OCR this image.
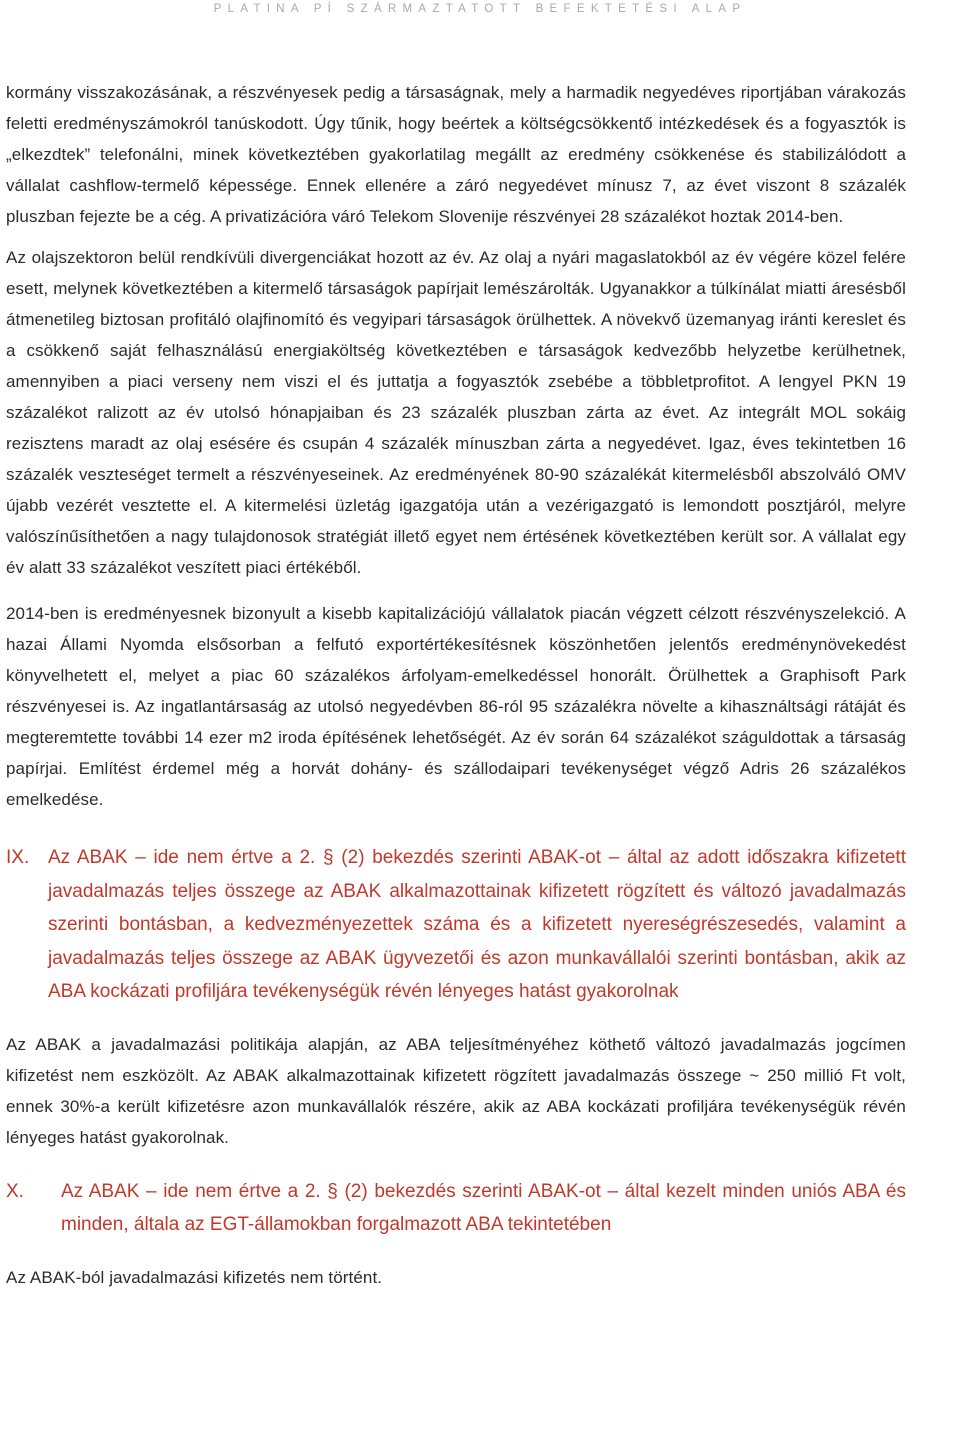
PLATINA PÍ SZÁRMAZTATOTT BEFEKTETÉSI ALAP

kormány visszakozásának, a részvényesek pedig a társaságnak, mely a harmadik negyedéves riportjában várakozás feletti eredményszámokról tanúskodott. Úgy tűnik, hogy beértek a költségcsökkentő intézkedések és a fogyasztók is „elkezdtek” telefonálni, minek következtében gyakorlatilag megállt az eredmény csökkenése és stabilizálódott a vállalat cashflow-termelő képessége. Ennek ellenére a záró negyedévet mínusz 7, az évet viszont 8 százalék pluszban fejezte be a cég. A privatizációra váró Telekom Slovenije részvényei 28 százalékot hoztak 2014-ben.

Az olajszektoron belül rendkívüli divergenciákat hozott az év. Az olaj a nyári magaslatokból az év végére közel felére esett, melynek következtében a kitermelő társaságok papírjait lemészárolták. Ugyanakkor a túlkínálat miatti áresésből átmenetileg biztosan profitáló olajfinomító és vegyipari társaságok örülhettek. A növekvő üzemanyag iránti kereslet és a csökkenő saját felhasználású energiaköltség következtében e társaságok kedvezőbb helyzetbe kerülhetnek, amennyiben a piaci verseny nem viszi el és juttatja a fogyasztók zsebébe a többletprofitot. A lengyel PKN 19 százalékot ralizott az év utolsó hónapjaiban és 23 százalék pluszban zárta az évet. Az integrált MOL sokáig rezisztens maradt az olaj esésére és csupán 4 százalék mínuszban zárta a negyedévet. Igaz, éves tekintetben 16 százalék veszteséget termelt a részvényeseinek. Az eredményének 80-90 százalékát kitermelésből abszolváló OMV újabb vezérét vesztette el. A kitermelési üzletág igazgatója után a vezérigazgató is lemondott posztjáról, melyre valószínűsíthetően a nagy tulajdonosok stratégiát illető egyet nem értésének következtében került sor. A vállalat egy év alatt 33 százalékot veszített piaci értékéből.

2014-ben is eredményesnek bizonyult a kisebb kapitalizációjú vállalatok piacán végzett célzott részvényszelekció. A hazai Állami Nyomda elsősorban a felfutó exportértékesítésnek köszönhetően jelentős eredménynövekedést könyvelhetett el, melyet a piac 60 százalékos árfolyam-emelkedéssel honorált. Örülhettek a Graphisoft Park részvényesei is. Az ingatlantársaság az utolsó negyedévben 86-ról 95 százalékra növelte a kihasználtsági rátáját és megteremtette további 14 ezer m2 iroda építésének lehetőségét. Az év során 64 százalékot száguldottak a társaság papírjai. Említést érdemel még a horvát dohány- és szállodaipari tevékenységet végző Adris 26 százalékos emelkedése.

IX. Az ABAK – ide nem értve a 2. § (2) bekezdés szerinti ABAK-ot – által az adott időszakra kifizetett javadalmazás teljes összege az ABAK alkalmazottainak kifizetett rögzített és változó javadalmazás szerinti bontásban, a kedvezményezettek száma és a kifizetett nyereségrészesedés, valamint a javadalmazás teljes összege az ABAK ügyvezetői és azon munkavállalói szerinti bontásban, akik az ABA kockázati profiljára tevékenységük révén lényeges hatást gyakorolnak

Az ABAK a javadalmazási politikája alapján, az ABA teljesítményéhez köthető változó javadalmazás jogcímen kifizetést nem eszközölt. Az ABAK alkalmazottainak kifizetett rögzített javadalmazás összege ~ 250 millió Ft volt, ennek 30%-a került kifizetésre azon munkavállalók részére, akik az ABA kockázati profiljára tevékenységük révén lényeges hatást gyakorolnak.

X.	Az ABAK – ide nem értve a 2. § (2) bekezdés szerinti ABAK-ot – által kezelt minden uniós ABA és minden, általa az EGT-államokban forgalmazott ABA tekintetében

Az ABAK-ból javadalmazási kifizetés nem történt.
